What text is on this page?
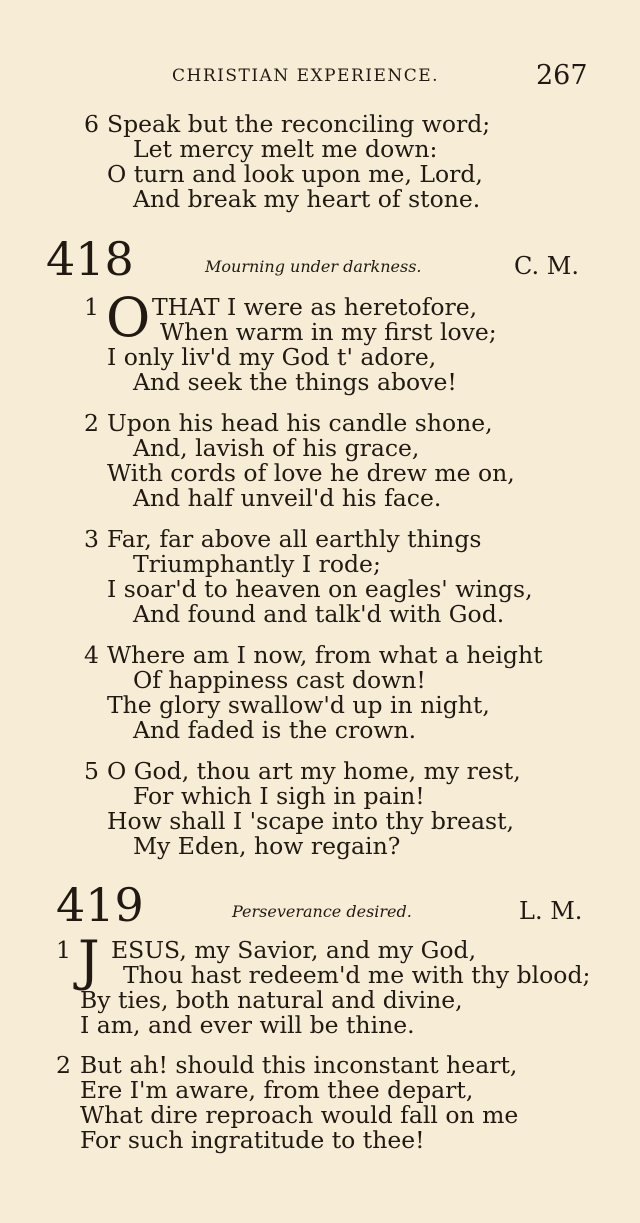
CHRISTIAN EXPERIENCE.	267
6 Speak but the reconciling word;
Let mercy melt me down:
O turn and look upon me, Lord,
And break my heart of stone.
418	Mourning under darkness.	C. M.
1 O THAT I were as heretofore,
When warm in my first love;
I only liv'd my God t' adore,
And seek the things above!
2 Upon his head his candle shone,
And, lavish of his grace,
With cords of love he drew me on,
And half unveil'd his face.
3 Far, far above all earthly things
Triumphantly I rode;
I soar'd to heaven on eagles' wings,
And found and talk'd with God.
4 Where am I now, from what a height
Of happiness cast down!
The glory swallow'd up in night,
And faded is the crown.
5 O God, thou art my home, my rest,
For which I sigh in pain!
How shall I 'scape into thy breast,
My Eden, how regain?
419	Perseverance desired.	L. M.
1 J ESUS, my Savior, and my God,
Thou hast redeem'd me with thy blood;
By ties, both natural and divine,
I am, and ever will be thine.
2 But ah! should this inconstant heart,
Ere I'm aware, from thee depart,
What dire reproach would fall on me
For such ingratitude to thee!
